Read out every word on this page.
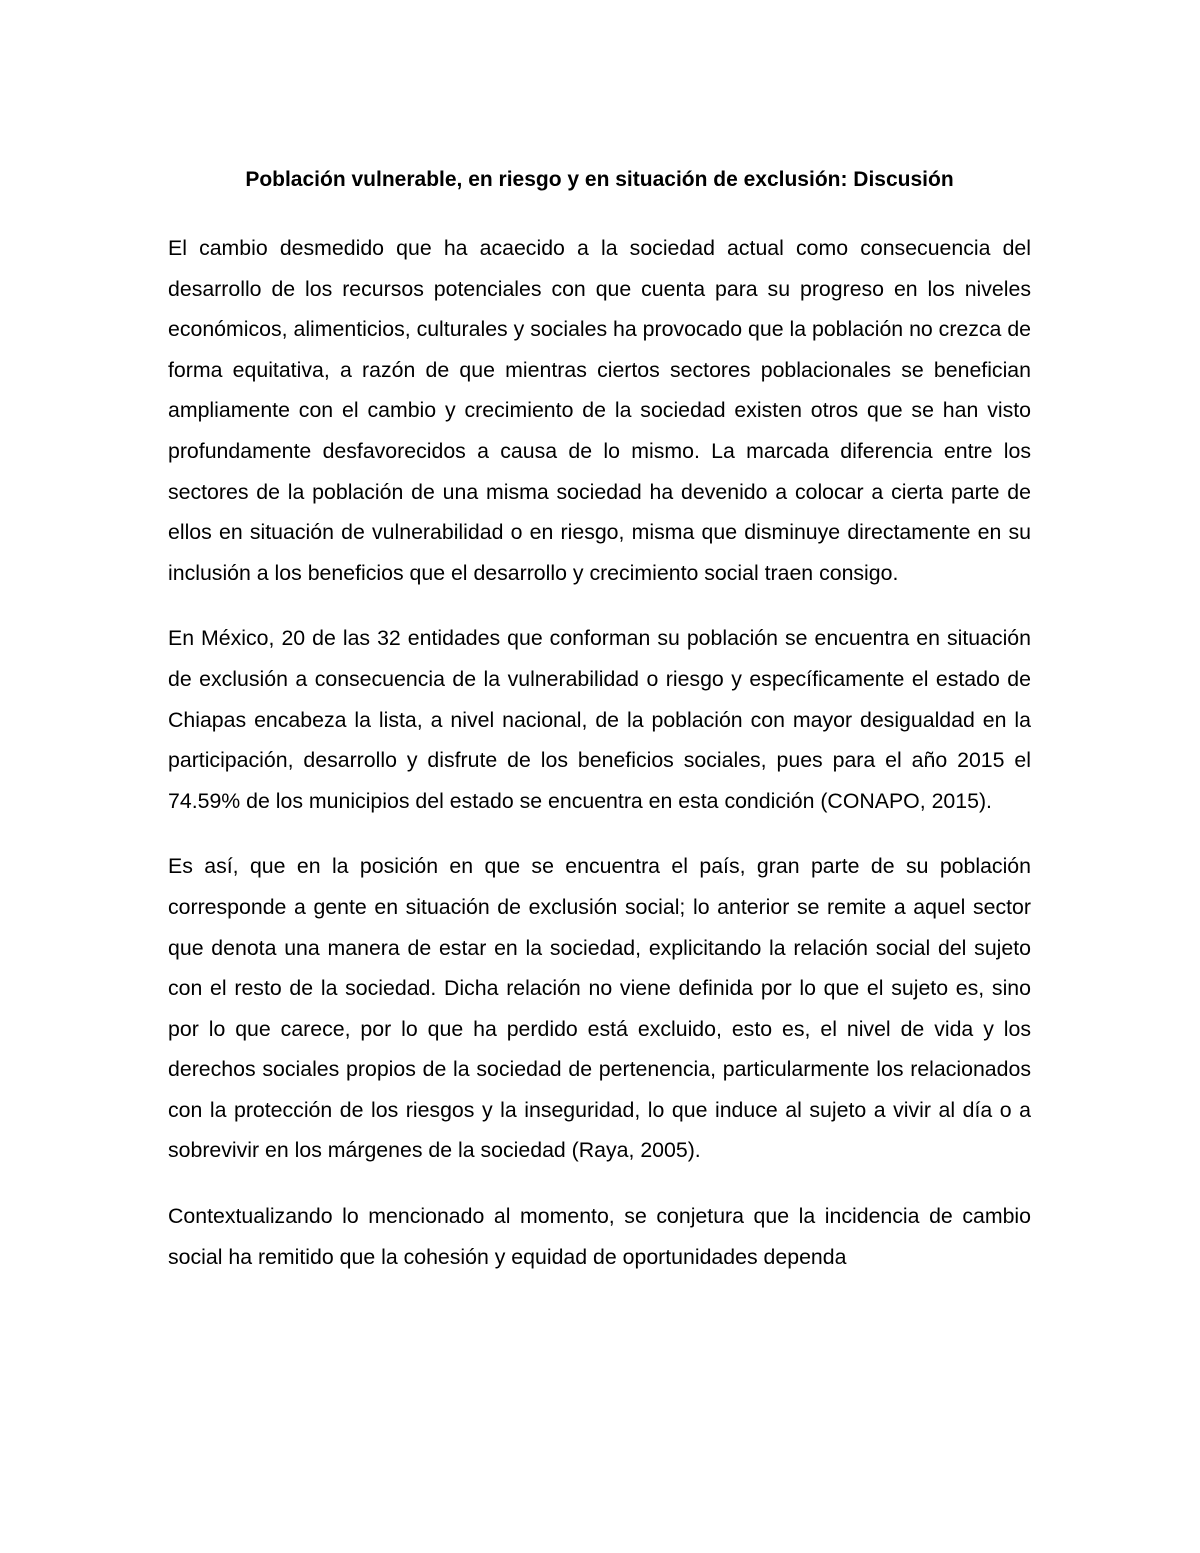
Población vulnerable, en riesgo y en situación de exclusión: Discusión

El cambio desmedido que ha acaecido a la sociedad actual como consecuencia del desarrollo de los recursos potenciales con que cuenta para su progreso en los niveles económicos, alimenticios, culturales y sociales ha provocado que la población no crezca de forma equitativa, a razón de que mientras ciertos sectores poblacionales se benefician ampliamente con el cambio y crecimiento de la sociedad existen otros que se han visto profundamente desfavorecidos a causa de lo mismo. La marcada diferencia entre los sectores de la población de una misma sociedad ha devenido a colocar a cierta parte de ellos en situación de vulnerabilidad o en riesgo, misma que disminuye directamente en su inclusión a los beneficios que el desarrollo y crecimiento social traen consigo.

En México, 20 de las 32 entidades que conforman su población se encuentra en situación de exclusión a consecuencia de la vulnerabilidad o riesgo y específicamente el estado de Chiapas encabeza la lista, a nivel nacional, de la población con mayor desigualdad en la participación, desarrollo y disfrute de los beneficios sociales, pues para el año 2015 el 74.59% de los municipios del estado se encuentra en esta condición (CONAPO, 2015).

Es así, que en la posición en que se encuentra el país, gran parte de su población corresponde a gente en situación de exclusión social; lo anterior se remite a aquel sector que denota una manera de estar en la sociedad, explicitando la relación social del sujeto con el resto de la sociedad. Dicha relación no viene definida por lo que el sujeto es, sino por lo que carece, por lo que ha perdido está excluido, esto es, el nivel de vida y los derechos sociales propios de la sociedad de pertenencia, particularmente los relacionados con la protección de los riesgos y la inseguridad, lo que induce al sujeto a vivir al día o a sobrevivir en los márgenes de la sociedad (Raya, 2005).

Contextualizando lo mencionado al momento, se conjetura que la incidencia de cambio social ha remitido que la cohesión y equidad de oportunidades dependa
